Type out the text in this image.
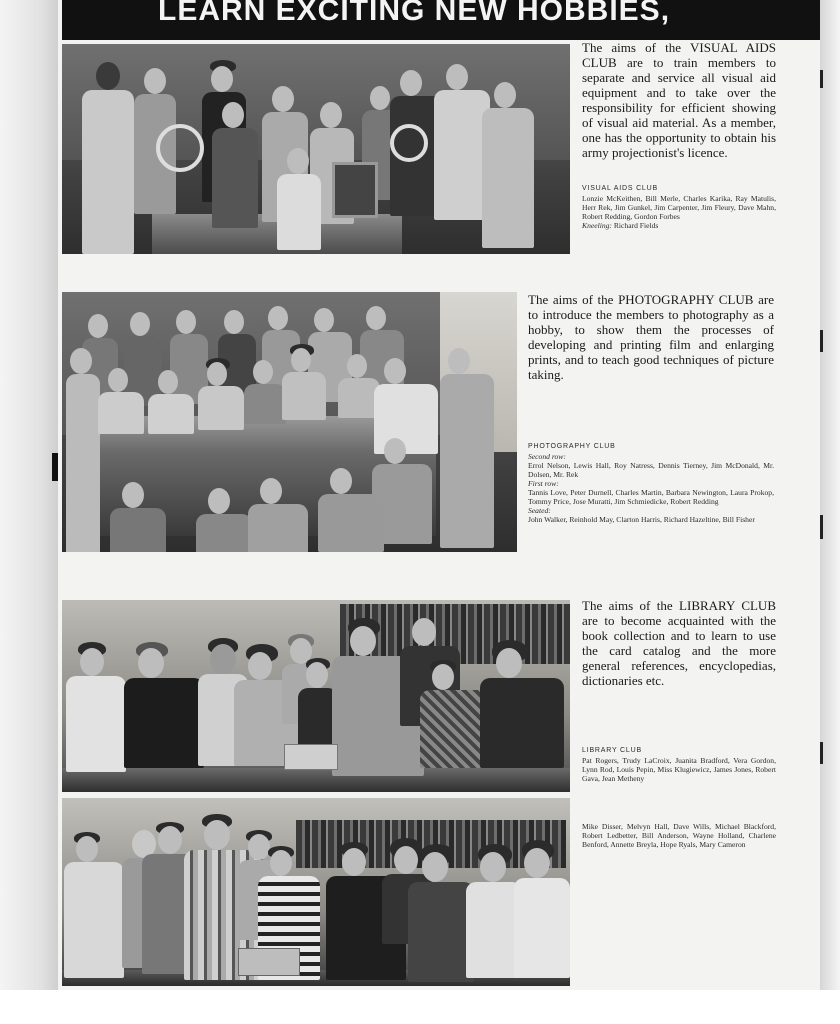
LEARN EXCITING NEW HOBBIES,

The aims of the VISUAL AIDS CLUB are to train members to separate and service all visual aid equipment and to take over the responsibility for efficient showing of visual aid material. As a member, one has the opportunity to obtain his army projectionist's licence.

VISUAL AIDS CLUB

Lonzie McKeithen, Bill Merle, Charles Karika, Ray Matulis, Herr Rek, Jim Gunkel, Jim Carpenter, Jim Fleury, Dave Mahn, Robert Redding, Gordon Forbes

Kneeling: Richard Fields

The aims of the PHOTOGRAPHY CLUB are to introduce the members to photography as a hobby, to show them the processes of developing and printing film and enlarging prints, and to teach good techniques of picture taking.

PHOTOGRAPHY CLUB

Second row:

Errol Nelson, Lewis Hall, Roy Natress, Dennis Tierney, Jim McDonald, Mr. Dolsen, Mr. Rek

First row:

Tannis Love, Peter Durnell, Charles Martin, Barbara Newington, Laura Prokop, Tommy Price, Jose Muratti, Jim Schmiedicke, Robert Redding

Seated:

John Walker, Reinhold May, Clarton Harris, Richard Hazeltine, Bill Fisher

The aims of the LIBRARY CLUB are to become acquainted with the book collection and to learn to use the card catalog and the more general references, encyclopedias, dictionaries etc.

LIBRARY CLUB

Pat Rogers, Trudy LaCroix, Juanita Bradford, Vera Gordon, Lynn Rod, Louis Pepin, Miss Klugiewicz, James Jones, Robert Gava, Jean Metheny

Mike Disser, Melvyn Hall, Dave Wills, Michael Blackford, Robert Ledbetter, Bill Anderson, Wayne Holland, Charlene Benford, Annette Breyla, Hope Ryals, Mary Cameron
